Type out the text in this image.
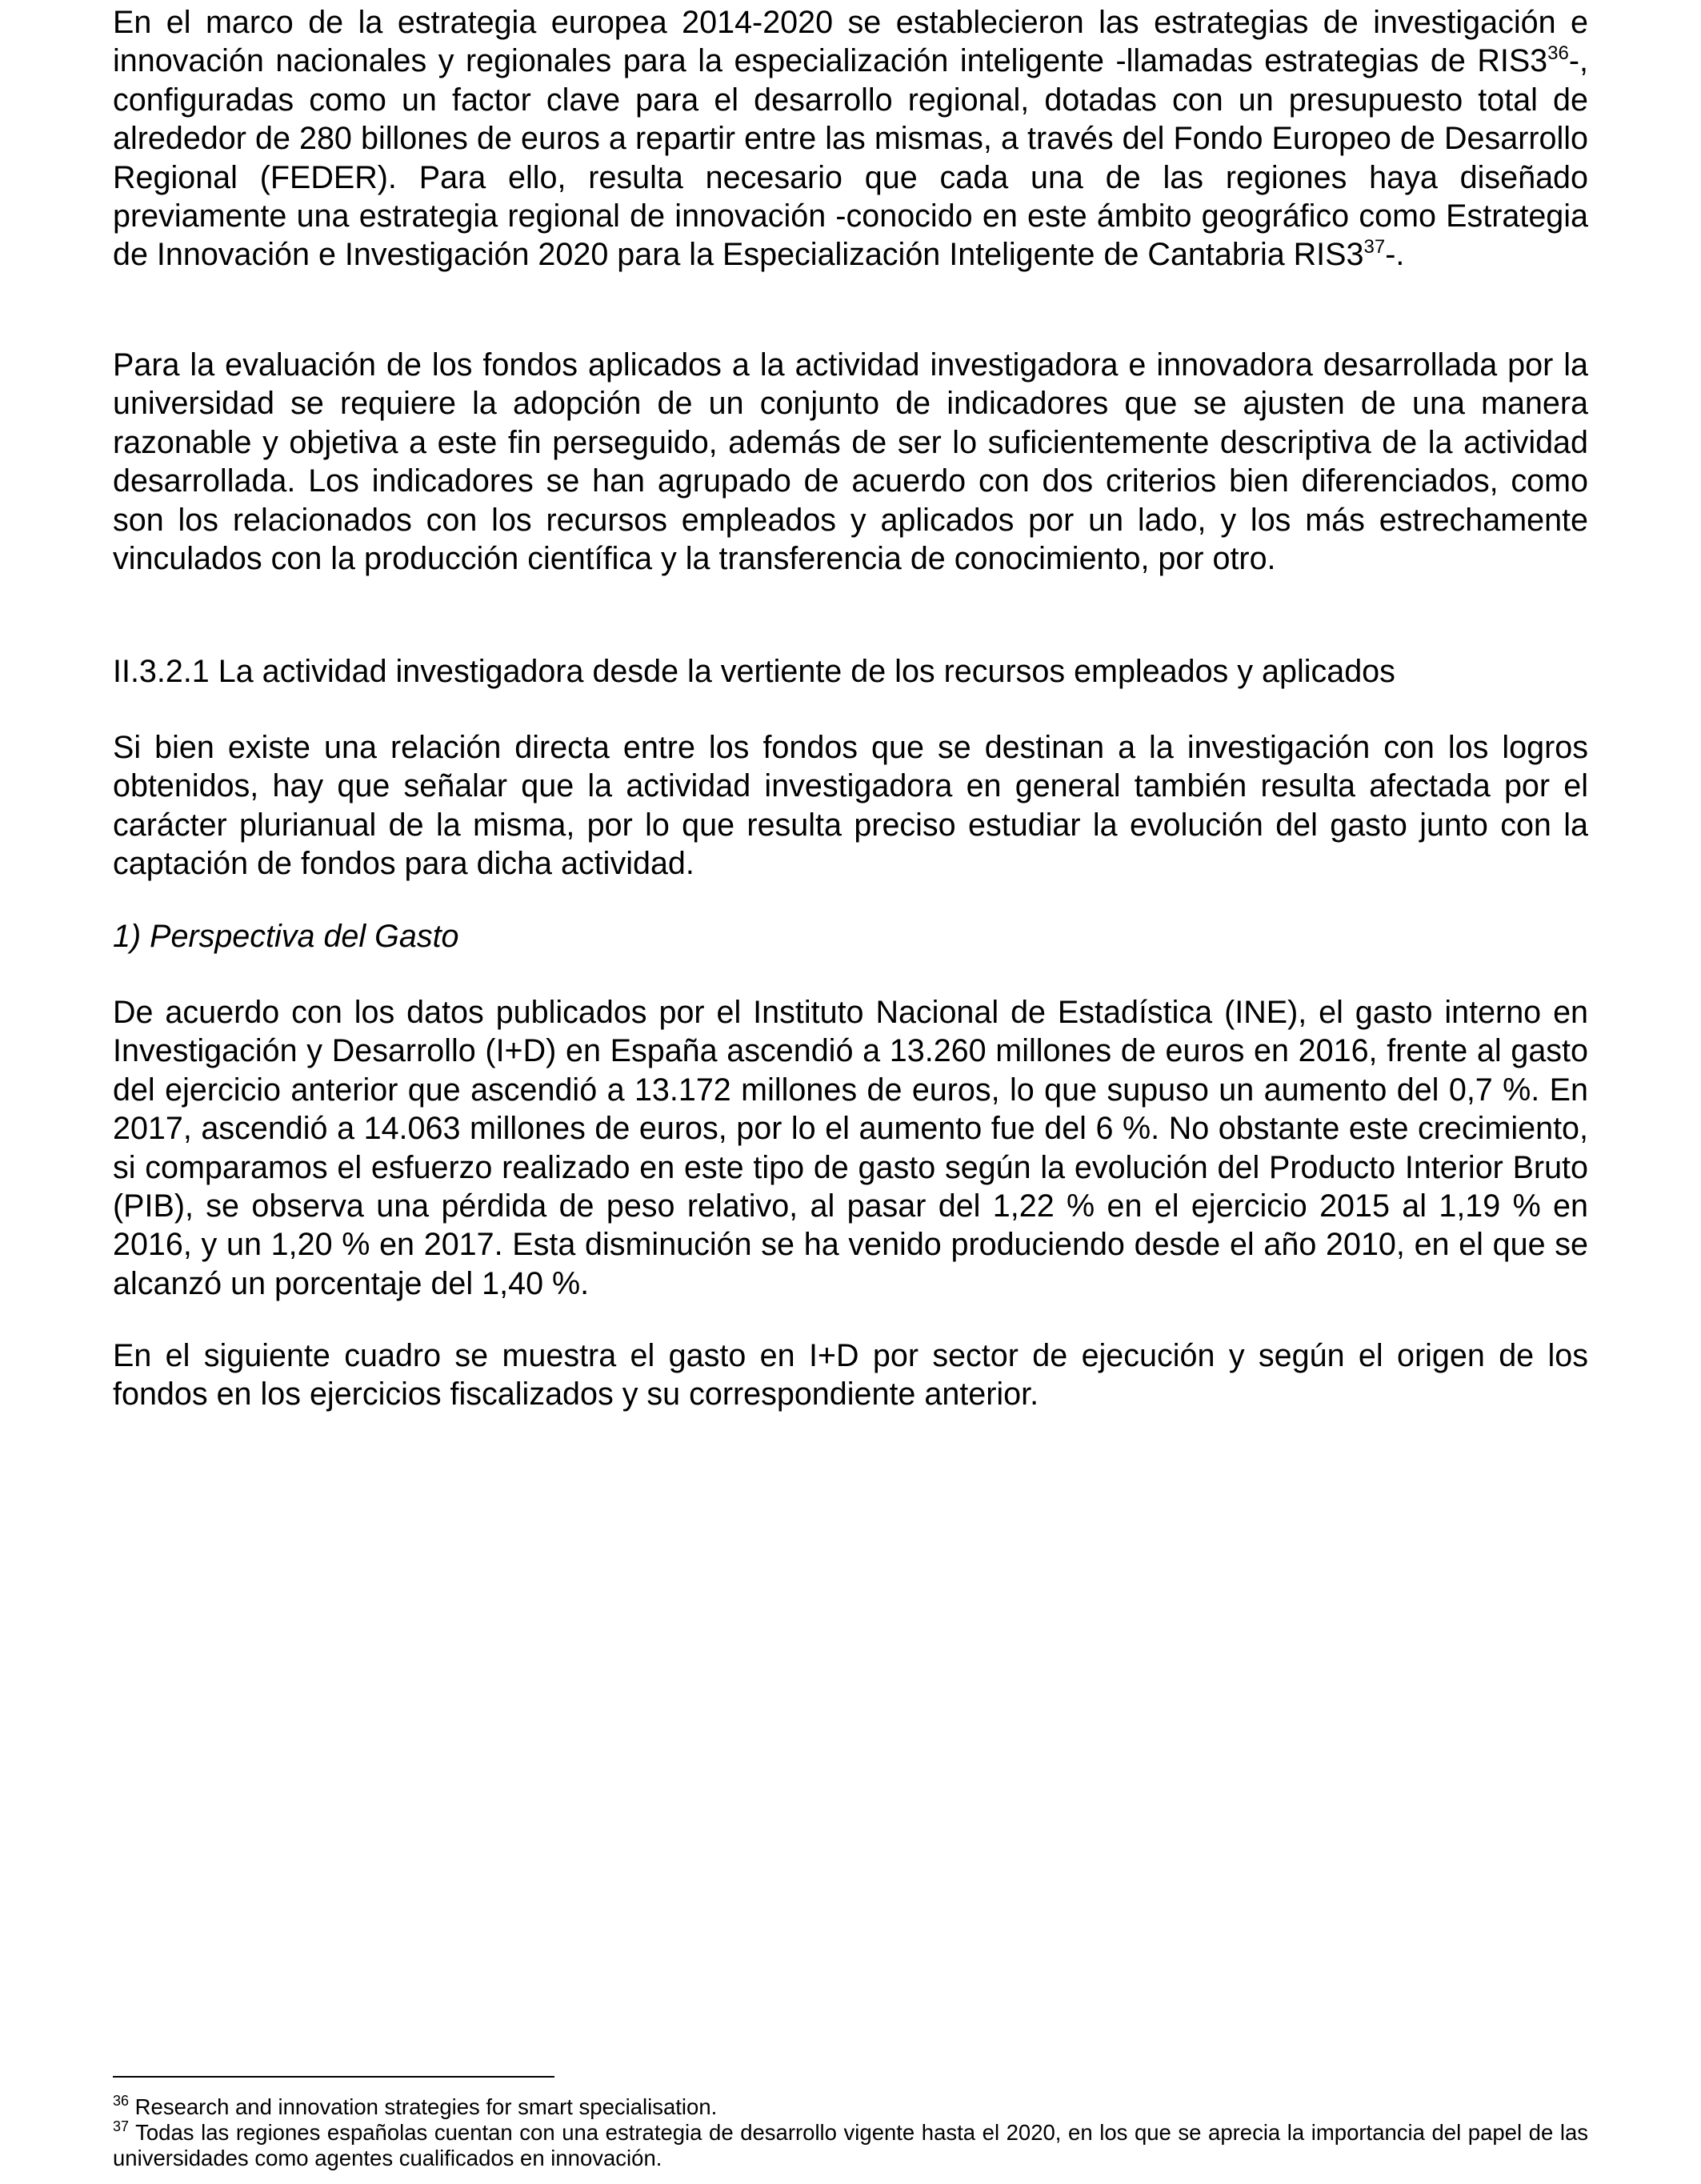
En el marco de la estrategia europea 2014-2020 se establecieron las estrategias de investigación e innovación nacionales y regionales para la especialización inteligente -llamadas estrategias de $RIS3^{36}-$, configuradas como un factor clave para el desarrollo regional, dotadas con un presupuesto total de alrededor de 280 billones de euros a repartir entre las mismas, a través del Fondo Europeo de Desarrollo Regional (FEDER). Para ello, resulta necesario que cada una de las regiones haya diseñado previamente una estrategia regional de innovación -conocido en este ámbito geográfico como Estrategia de Innovación e Investigación 2020 para la Especialización Inteligente de Cantabria $RIS3^{37}-$.

Para la evaluación de los fondos aplicados a la actividad investigadora e innovadora desarrollada por la universidad se requiere la adopción de un conjunto de indicadores que se ajusten de una manera razonable y objetiva a este fin perseguido, además de ser lo suficientemente descriptiva de la actividad desarrollada. Los indicadores se han agrupado de acuerdo con dos criterios bien diferenciados, como son los relacionados con los recursos empleados y aplicados por un lado, y los más estrechamente vinculados con la producción científica y la transferencia de conocimiento, por otro.

II.3.2.1 La actividad investigadora desde la vertiente de los recursos empleados y aplicados

Si bien existe una relación directa entre los fondos que se destinan a la investigación con los logros obtenidos, hay que señalar que la actividad investigadora en general también resulta afectada por el carácter plurianual de la misma, por lo que resulta preciso estudiar la evolución del gasto junto con la captación de fondos para dicha actividad.

1) Perspectiva del Gasto

De acuerdo con los datos publicados por el Instituto Nacional de Estadística (INE), el gasto interno en Investigación y Desarrollo (I+D) en España ascendió a 13.260 millones de euros en 2016, frente al gasto del ejercicio anterior que ascendió a 13.172 millones de euros, lo que supuso un aumento del 0,7 %. En 2017, ascendió a 14.063 millones de euros, por lo el aumento fue del 6 %. No obstante este crecimiento, si comparamos el esfuerzo realizado en este tipo de gasto según la evolución del Producto Interior Bruto (PIB), se observa una pérdida de peso relativo, al pasar del 1,22 % en el ejercicio 2015 al 1,19 % en 2016, y un 1,20 % en 2017. Esta disminución se ha venido produciendo desde el año 2010, en el que se alcanzó un porcentaje del 1,40 %.

En el siguiente cuadro se muestra el gasto en I+D por sector de ejecución y según el origen de los fondos en los ejercicios fiscalizados y su correspondiente anterior.

$^{36}$ Research and innovation strategies for smart specialisation.

$^{37}$ Todas las regiones españolas cuentan con una estrategia de desarrollo vigente hasta el 2020, en los que se aprecia la importancia del papel de las universidades como agentes cualificados en innovación.
